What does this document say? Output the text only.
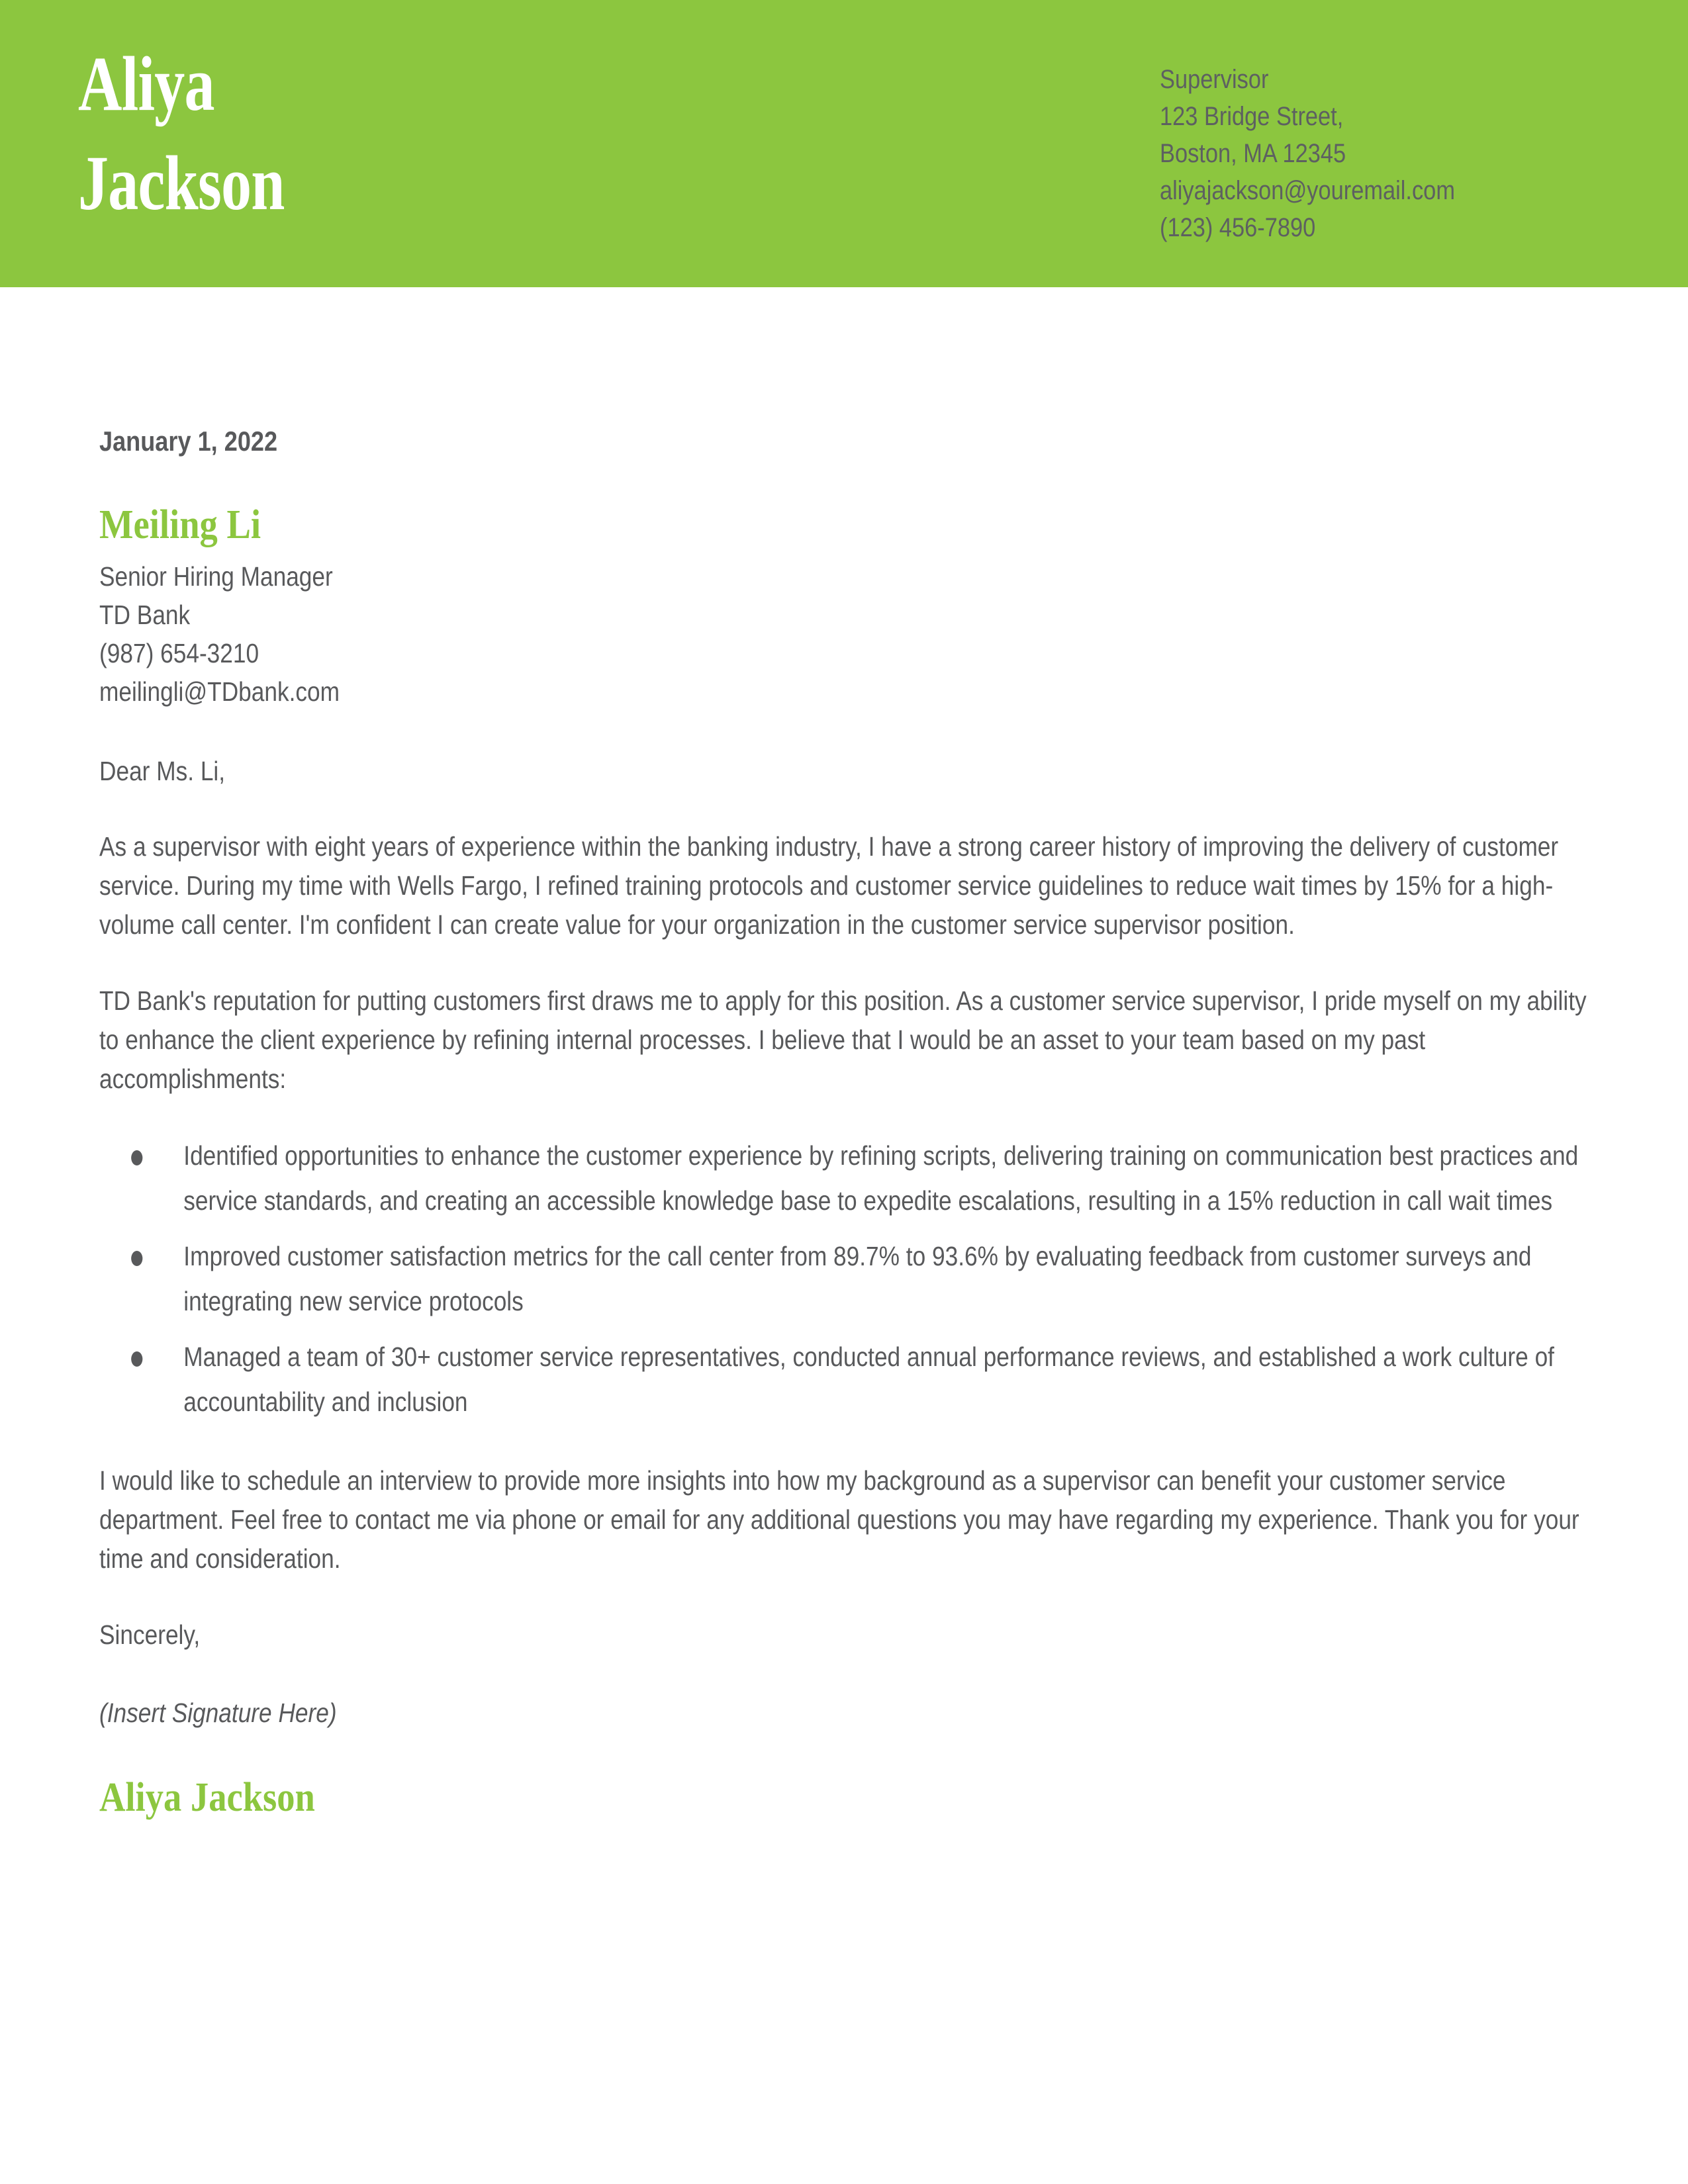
Aliya
Jackson
Supervisor
123 Bridge Street,
Boston, MA 12345
aliyajackson@youremail.com
(123) 456-7890
January 1, 2022
Meiling Li
Senior Hiring Manager
TD Bank
(987) 654-3210
meilingli@TDbank.com
Dear Ms. Li,
As a supervisor with eight years of experience within the banking industry, I have a strong career history of improving the delivery of customer service. During my time with Wells Fargo, I refined training protocols and customer service guidelines to reduce wait times by 15% for a high-volume call center. I'm confident I can create value for your organization in the customer service supervisor position.
TD Bank's reputation for putting customers first draws me to apply for this position. As a customer service supervisor, I pride myself on my ability to enhance the client experience by refining internal processes. I believe that I would be an asset to your team based on my past accomplishments:
Identified opportunities to enhance the customer experience by refining scripts, delivering training on communication best practices and service standards, and creating an accessible knowledge base to expedite escalations, resulting in a 15% reduction in call wait times
Improved customer satisfaction metrics for the call center from 89.7% to 93.6% by evaluating feedback from customer surveys and integrating new service protocols
Managed a team of 30+ customer service representatives, conducted annual performance reviews, and established a work culture of accountability and inclusion
I would like to schedule an interview to provide more insights into how my background as a supervisor can benefit your customer service department. Feel free to contact me via phone or email for any additional questions you may have regarding my experience. Thank you for your time and consideration.
Sincerely,
(Insert Signature Here)
Aliya Jackson
